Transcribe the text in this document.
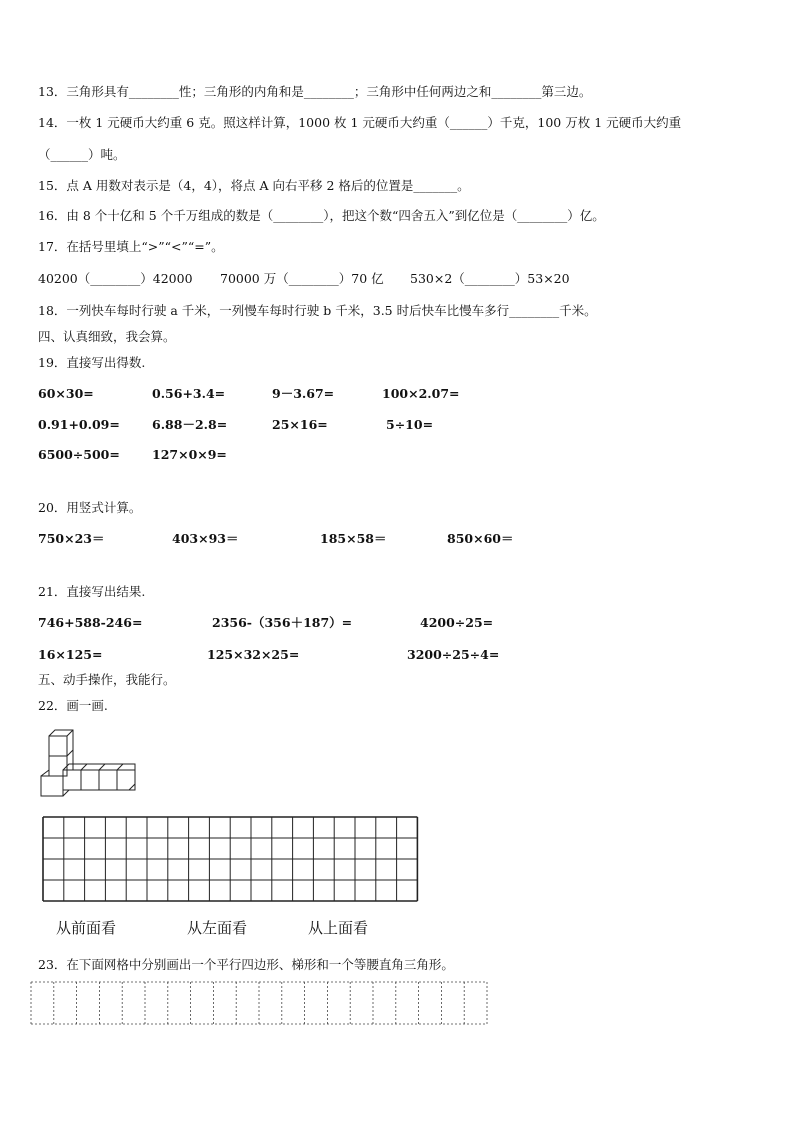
13．三角形具有________性；三角形的内角和是________；三角形中任何两边之和________第三边。
14．一枚 1 元硬币大约重 6 克。照这样计算，1000 枚 1 元硬币大约重（______）千克，100 万枚 1 元硬币大约重
（______）吨。
15．点 A 用数对表示是（4，4），将点 A 向右平移 2 格后的位置是_______。
16．由 8 个十亿和 5 个千万组成的数是（________），把这个数“四舍五入”到亿位是（________）亿。
17．在括号里填上“>”“<”“=”。
40200（________）42000 70000 万（________）70 亿 530×2（________）53×20
18．一列快车每时行驶 a 千米，一列慢车每时行驶 b 千米，3.5 时后快车比慢车多行________千米。
四、认真细致，我会算。
19．直接写出得数.
60×30=	0.56+3.4=	9－3.67=	100×2.07=
0.91+0.09=	6.88－2.8=	25×16=	5÷10=
6500÷500=	127×0×9=
20．用竖式计算。
750×23＝	403×93＝	185×58＝	850×60＝
21．直接写出结果.
746+588-246=	2356-（356＋187）=	4200÷25=
16×125=	125×32×25=	3200÷25÷4=
五、动手操作，我能行。
22．画一画.
从前面看	从左面看	从上面看
23．在下面网格中分别画出一个平行四边形、梯形和一个等腰直角三角形。
